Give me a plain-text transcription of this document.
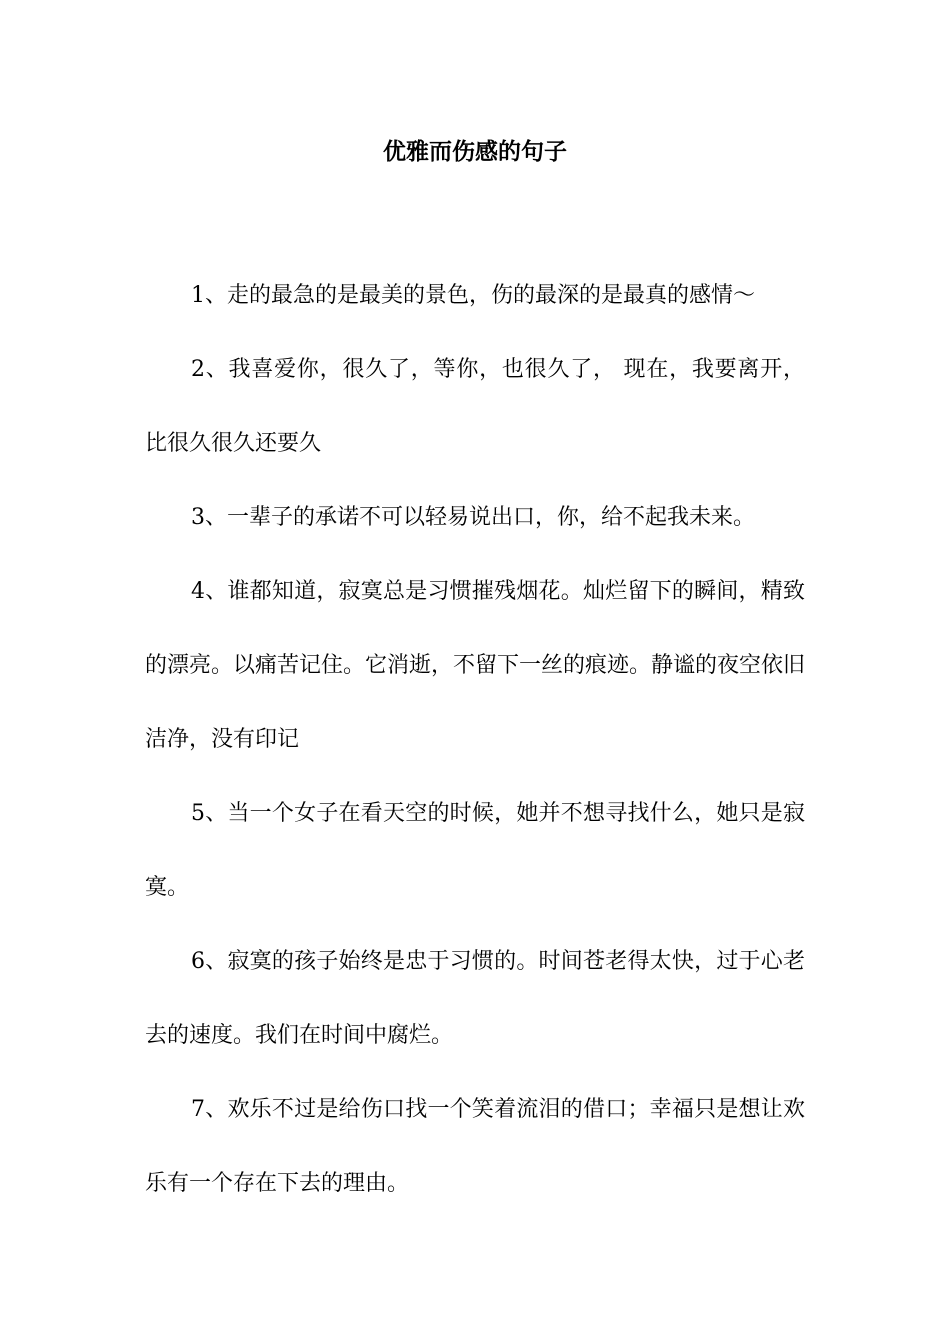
优雅而伤感的句子

1、走的最急的是最美的景色，伤的最深的是最真的感情～

2、我喜爱你，很久了，等你，也很久了， 现在，我要离开，比很久很久还要久

3、一辈子的承诺不可以轻易说出口，你，给不起我未来。

4、谁都知道，寂寞总是习惯摧残烟花。灿烂留下的瞬间，精致的漂亮。以痛苦记住。它消逝，不留下一丝的痕迹。静谧的夜空依旧洁净，没有印记

5、当一个女子在看天空的时候，她并不想寻找什么，她只是寂寞。

6、寂寞的孩子始终是忠于习惯的。时间苍老得太快，过于心老去的速度。我们在时间中腐烂。

7、欢乐不过是给伤口找一个笑着流泪的借口；幸福只是想让欢乐有一个存在下去的理由。
